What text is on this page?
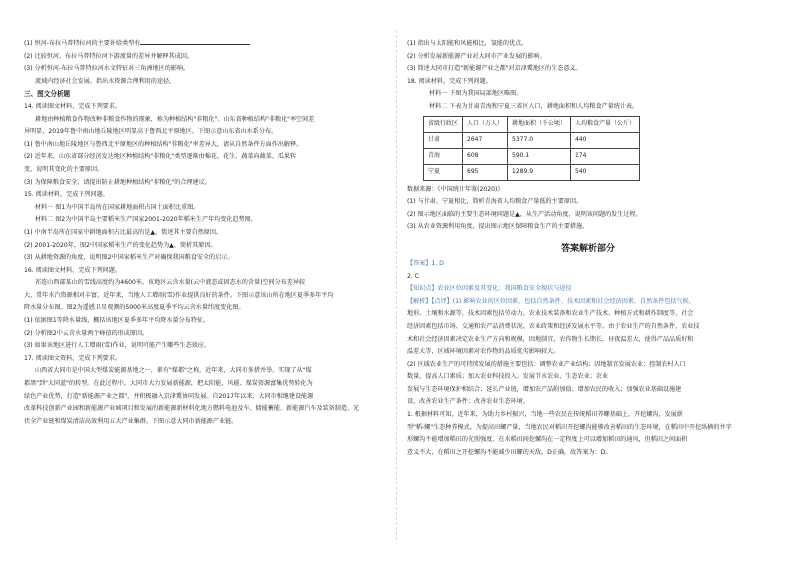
(1) 恒河-布拉马普特拉河的主要补给类型有
(2) 比较恒河、布拉马普特拉河下游流量的差异并解释其成因。
(3) 分析恒河-布拉马普特拉河水文特征对三角洲地区的影响。
流域内经济社会发展，指出水资源合理利用的途径。
三、图文分析题
14. 阅读图文材料，完成下列要求。
耕地由种植粮食作物改种非粮食作物的现象，称为种植结构"非粮化"。山东省种植结构"非粮化"率空间差
异明显，2019年鲁中南山地丘陵地区明显高于鲁西北平原地区。下图示意山东省山水系分布。
(1) 鲁中南山地丘陵地区与鲁西北平原地区的种植结构"非粮化"率差异大，请从自然条件方面作出解释。
(2) 近年来，山东省部分经济发达地区种植结构"非粮化"类型逐渐由棉花、花生、蔬菜向蔬菜、瓜果转
变，说明其变化的主要原因。
(3) 为保障粮食安全，请提出防止耕地种植结构"非粮化"的合理建议。
15. 阅读材料，完成下列问题。
材料一 图1为中国半岛所在国家耕地面积占国土面积比重图。
材料二 图2为中国半岛主要稻米生产国家2001-2020年稻米生产年均变化趋势图。
(1) 中南半岛所在国家中耕地面积占比最高的是▲，简述其主要自然原因。
(2) 2001-2020年，图2中国家稻米生产的变化趋势为▲，简析其原因。
(3) 从耕地资源的角度，说明图2中国家稻米生产对确保我国粮食安全的启示。
16. 阅读图文材料，完成下列问题。
祁连山西部某山的雪线高度约为4600米。该地区云含水量(云中液态或固态水的含量)空间分布差异较
大，常年水汽资源相对丰富，近年来，当地人工增雨(雪)作业提供良好的条件。下图示意该山所在地区夏季多年平均
降水量分布图。图2为遥感卫星观测的5000米高度夏季平均云含水量纬度变化图。
(1) 依据图1等降水量线，概括该地区夏季多年平均降水量分布特征。
(2) 分析图2中云含水量两个峰值的形成原因。
(3) 如果该地区进行人工增雨(雪)作业，说明可能产生哪些生态效应。
17. 阅读图文资料，完成下列要求。
山西省大同市是中国大型煤炭能源基地之一，素有"煤都"之称，近年来，大同市多措并举，实现了从"煤
都黑"到"大同蓝"的转型。在此过程中，大同市大力发展新能源，把太阳能、风能、煤炭资源富集优势转化为
绿色产业优势，打造"新能源产业之都"，并积极融入京津冀协同发展。自2017年以来，大同市相继建设能源
改革科技创新产业园和新能源产业城项目和发展的新能源新材料化地方燃料电池及车、储能蓄能、新能源汽车及装备制造、光
伏全产业链和煤炭清洁高效利用五大产业集群。下图示意大同市新能源产业链。
(1) 指出与太阳能和风能相比，氢能的优点。
(2) 分析发展新能源产业对大同市产业发展的影响。
(3) 简述大同市打造"新能源产业之都"对京津冀地区的生态意义。
18. 阅读材料，完成下列问题。
材料一 下图为我国局部地区略图。
材料二 下表为甘肃青海和宁夏三省区人口，耕地面积和人均粮食产量统计表。
省级行政区	人口（万人）	耕地面积（千公顷）	人均粮食产量（公斤）
甘肃	2647	5377.0	440
青海	608	590.1	174
宁夏	695	1289.9	540
数据来源：《中国统计年鉴(2020)》
(1) 与甘肃、宁夏相比，简析青海省人均粮食产量低的主要原因。
(2) 图示地区面临的主要生态环境问题是▲，从生产活动角度，说明该问题的发生过程。
(3) 从农业资源利用角度，提出图示地区保障粮食生产的主要措施。
答案解析部分
【答案】1. D
2. C
【知识点】农业区位因素及其变化；我国粮食安全现状与途径
【解析】【点评】(1) 影响农业的区位因素，包括自然条件、技术因素和社会经济因素，自然条件包括气候、
地形、土壤和水源等，技术因素包括劳动力、农业技术装备和农业生产技术、种植方式和耕作制度等，社会
经济因素包括市场、交通和农产品消费状况、农业政策和经济发展水平等。由于农业生产的自然条件，农业技
术和社会经济因素决定农业生产方向和规模，因地制宜，农作物生长期长，昼夜温差大，使得产品品质好和
温差大等，区域环境因素对农作物的品质优劣影响较大。
(2) 区域农业生产的可持续发展的措施主要包括：调整农业产业结构；因地制宜发展农业；控制农村人口
数量，提高人口素质；加大农业科技投入；发展节水农业、生态农业；农业
发展与生态环境保护相结合；延长产业链，增加农产品附加值；增加农民的收入；加强农业基础设施建
设，改善农业生产条件；改善农业生态环境。
1. 根据材料可知，近年来，为助力乡村振兴，当地一些农民在传统稻田养螺基础上，开挖螺沟，发展新
型"稻-螺"生态种养模式。为提高田螺产量，当地农民对稻田开挖螺沟能够改善稻田的生态环境，在稻田中开挖纵横的井字
形螺沟不能增加稻田的光照强度，在水稻田间挖螺沟在一定程度上可以增加稻田的通风，但稻田之间面积
意义不大，在稻田之开挖螺沟不能减少田螺的天敌，D正确，故答案为：D。
